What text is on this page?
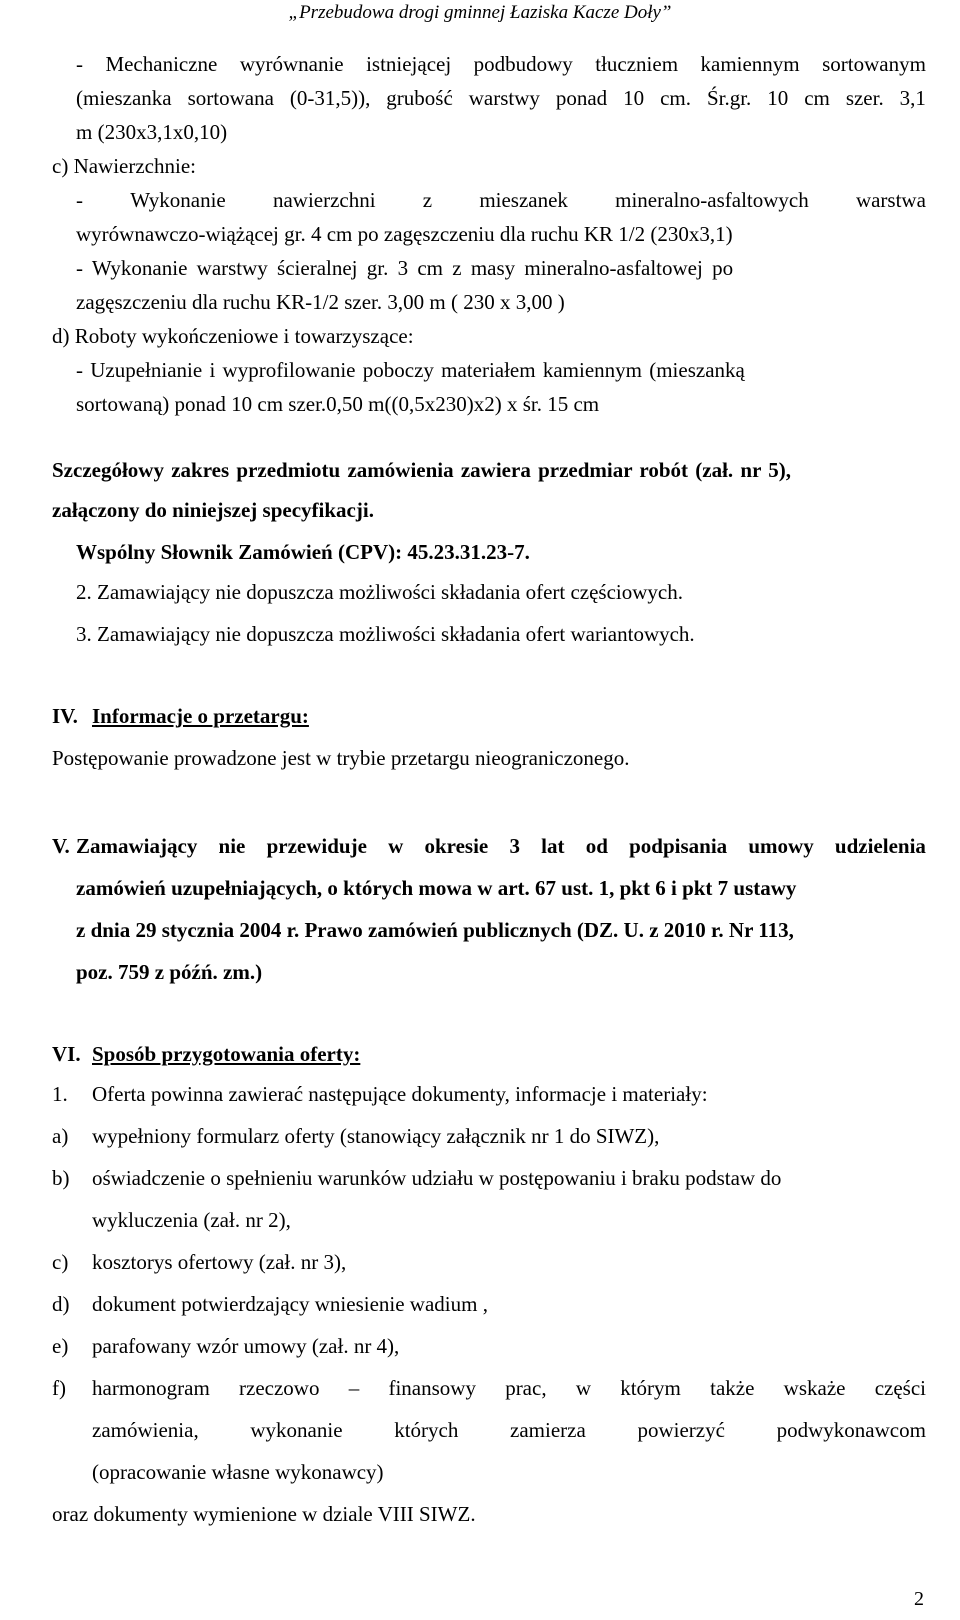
„Przebudowa drogi gminnej Łaziska Kacze Doły”
- Mechaniczne wyrównanie istniejącej podbudowy tłuczniem kamiennym sortowanym
(mieszanka sortowana (0-31,5)), grubość warstwy ponad 10 cm. Śr.gr. 10 cm szer. 3,1
m (230x3,1x0,10)
c) Nawierzchnie:
- Wykonanie nawierzchni z mieszanek mineralno-asfaltowych warstwa
wyrównawczo-wiążącej gr. 4 cm po zagęszczeniu dla ruchu KR 1/2 (230x3,1)
- Wykonanie warstwy ścieralnej gr. 3 cm z masy mineralno-asfaltowej po
zagęszczeniu dla ruchu KR-1/2 szer. 3,00 m ( 230 x 3,00 )
d) Roboty wykończeniowe i towarzyszące:
- Uzupełnianie i wyprofilowanie poboczy materiałem kamiennym (mieszanką
sortowaną) ponad 10 cm szer.0,50 m((0,5x230)x2) x śr. 15 cm
Szczegółowy zakres przedmiotu zamówienia zawiera przedmiar robót (zał. nr 5),
załączony do niniejszej specyfikacji.
Wspólny Słownik Zamówień (CPV): 45.23.31.23-7.
2. Zamawiający nie dopuszcza możliwości składania ofert częściowych.
3. Zamawiający nie dopuszcza możliwości składania ofert wariantowych.
IV. Informacje o przetargu:
Postępowanie prowadzone jest w trybie przetargu nieograniczonego.
V. Zamawiający nie przewiduje w okresie 3 lat od podpisania umowy udzielenia
zamówień uzupełniających, o których mowa w art. 67 ust. 1, pkt 6 i pkt 7 ustawy
z dnia 29 stycznia 2004 r. Prawo zamówień publicznych (DZ. U. z 2010 r. Nr 113,
poz. 759 z późń. zm.)
VI. Sposób przygotowania oferty:
1. Oferta powinna zawierać następujące dokumenty, informacje i materiały:
a) wypełniony formularz oferty (stanowiący załącznik nr 1 do SIWZ),
b) oświadczenie o spełnieniu warunków udziału w postępowaniu i braku podstaw do
wykluczenia (zał. nr 2),
c) kosztorys ofertowy (zał. nr 3),
d) dokument potwierdzający wniesienie wadium ,
e) parafowany wzór umowy (zał. nr 4),
f) harmonogram rzeczowo – finansowy prac, w którym także wskaże części
zamówienia, wykonanie których zamierza powierzyć podwykonawcom
(opracowanie własne wykonawcy)
oraz dokumenty wymienione w dziale VIII SIWZ.
2
